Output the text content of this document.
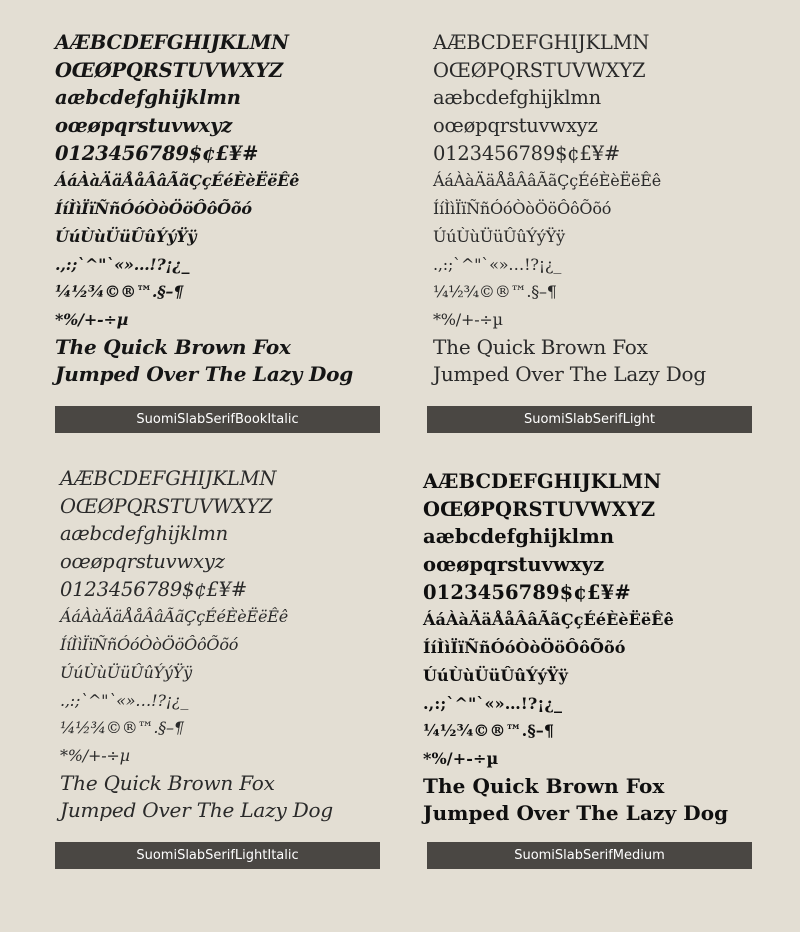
AÆBCDEFGHIJKLMN
OŒØPQRSTUVWXYZ
aæbcdefghijklmn
oœøpqrstuvwxyz
0123456789$¢£¥#
ÁáÀàÄäÅåÂâÃãÇçÉéÈèËëÊê
ÍíÌìÏïÑñÓóÒòÖöÔôÕõó
ÚúÙùÜüÛûÝýŸÿ
.,:;`^"`«»…!?¡¿_
¼½¾©®™.§–¶
*%/+-÷µ
The Quick Brown Fox
Jumped Over The Lazy Dog
SuomiSlabSerifBookItalic
AÆBCDEFGHIJKLMN
OŒØPQRSTUVWXYZ
aæbcdefghijklmn
oœøpqrstuvwxyz
0123456789$¢£¥#
ÁáÀàÄäÅåÂâÃãÇçÉéÈèËëÊê
ÍíÌìÏïÑñÓóÒòÖöÔôÕõó
ÚúÙùÜüÛûÝýŸÿ
.,:;`^"`«»…!?¡¿_
¼½¾©®™.§–¶
*%/+-÷µ
The Quick Brown Fox
Jumped Over The Lazy Dog
SuomiSlabSerifLight
AÆBCDEFGHIJKLMN
OŒØPQRSTUVWXYZ
aæbcdefghijklmn
oœøpqrstuvwxyz
0123456789$¢£¥#
ÁáÀàÄäÅåÂâÃãÇçÉéÈèËëÊê
ÍíÌìÏïÑñÓóÒòÖöÔôÕõó
ÚúÙùÜüÛûÝýŸÿ
.,:;`^"`«»…!?¡¿_
¼½¾©®™.§–¶
*%/+-÷µ
The Quick Brown Fox
Jumped Over The Lazy Dog
SuomiSlabSerifLightItalic
AÆBCDEFGHIJKLMN
OŒØPQRSTUVWXYZ
aæbcdefghijklmn
oœøpqrstuvwxyz
0123456789$¢£¥#
ÁáÀàÄäÅåÂâÃãÇçÉéÈèËëÊê
ÍíÌìÏïÑñÓóÒòÖöÔôÕõó
ÚúÙùÜüÛûÝýŸÿ
.,:;`^"`«»…!?¡¿_
¼½¾©®™.§–¶
*%/+-÷µ
The Quick Brown Fox
Jumped Over The Lazy Dog
SuomiSlabSerifMedium
